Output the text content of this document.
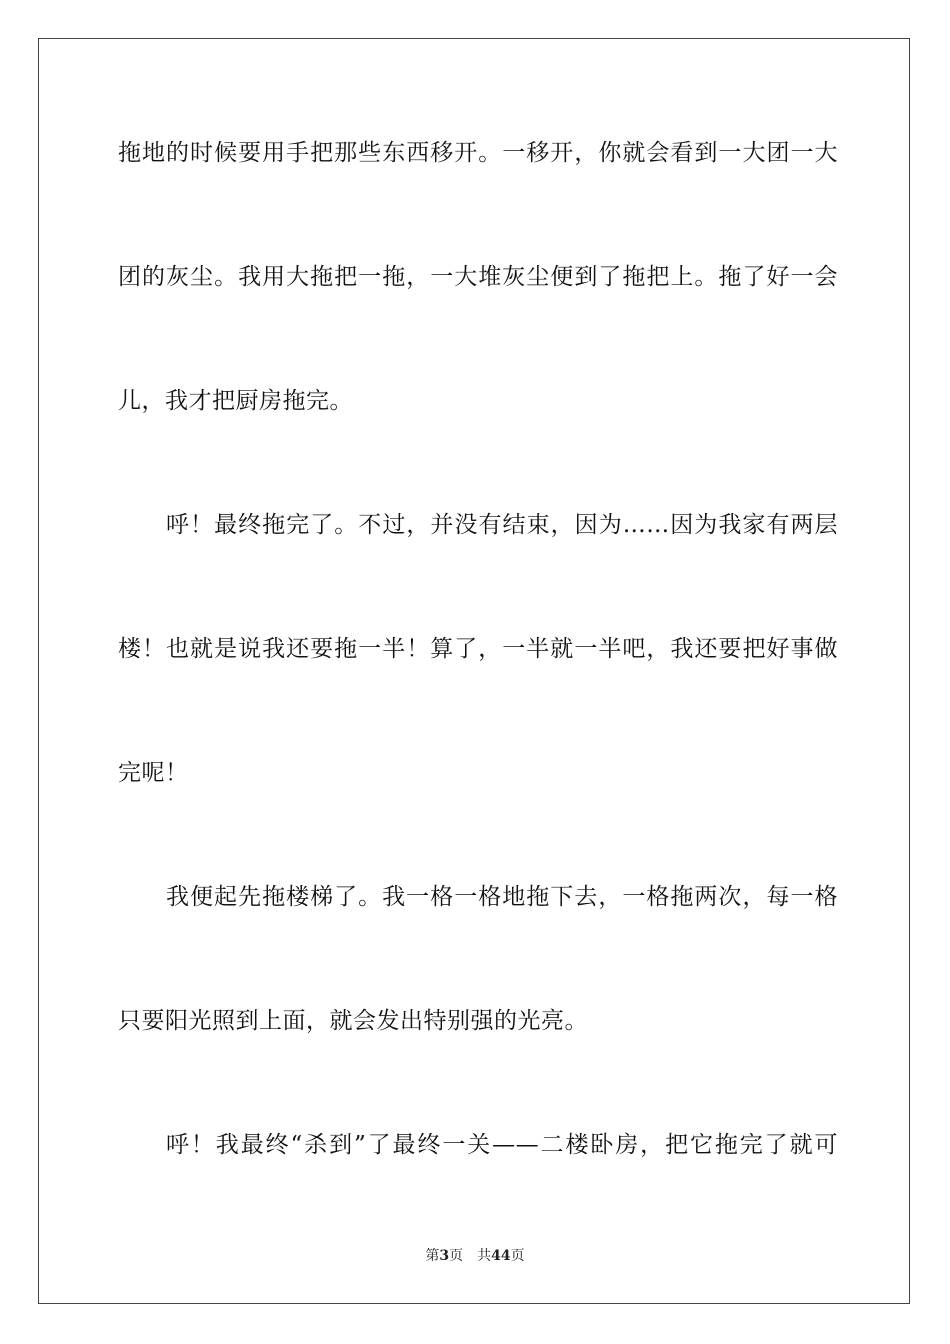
拖地的时候要用手把那些东西移开。一移开，你就会看到一大团一大
团的灰尘。我用大拖把一拖，一大堆灰尘便到了拖把上。拖了好一会
儿，我才把厨房拖完。
呼！最终拖完了。不过，并没有结束，因为……因为我家有两层
楼！也就是说我还要拖一半！算了，一半就一半吧，我还要把好事做
完呢！
我便起先拖楼梯了。我一格一格地拖下去，一格拖两次，每一格
只要阳光照到上面，就会发出特别强的光亮。
呼！我最终“杀到”了最终一关——二楼卧房，把它拖完了就可
第3页 共44页
